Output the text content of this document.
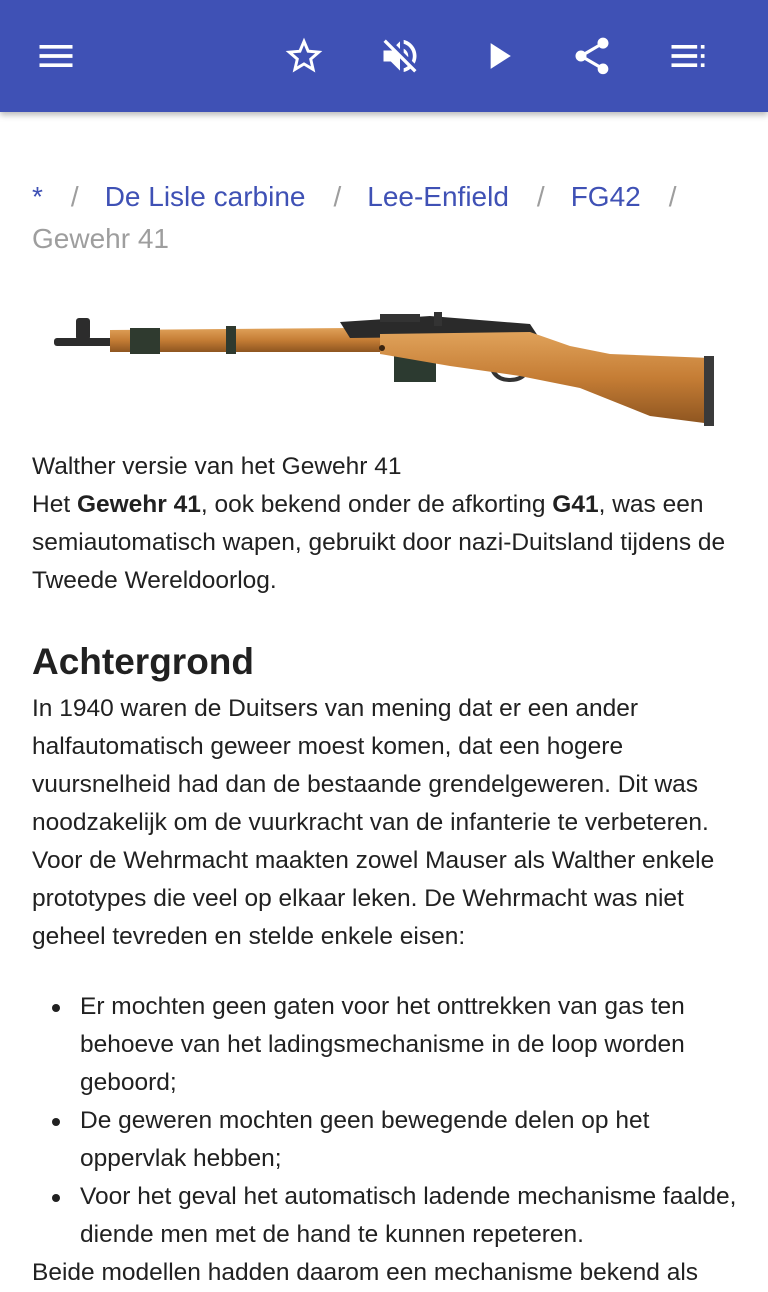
* / De Lisle carbine / Lee-Enfield / FG42 /
Gewehr 41
Walther versie van het Gewehr 41

Het Gewehr 41, ook bekend onder de afkorting G41, was een semiautomatisch wapen, gebruikt door nazi-Duitsland tijdens de Tweede Wereldoorlog.

Achtergrond

In 1940 waren de Duitsers van mening dat er een ander halfautomatisch geweer moest komen, dat een hogere vuursnelheid had dan de bestaande grendelgeweren. Dit was noodzakelijk om de vuurkracht van de infanterie te verbeteren. Voor de Wehrmacht maakten zowel Mauser als Walther enkele prototypes die veel op elkaar leken. De Wehrmacht was niet geheel tevreden en stelde enkele eisen:

Er mochten geen gaten voor het onttrekken van gas ten behoeve van het ladingsmechanisme in de loop worden geboord;
De geweren mochten geen bewegende delen op het oppervlak hebben;
Voor het geval het automatisch ladende mechanisme faalde, diende men met de hand te kunnen repeteren.
Beide modellen hadden daarom een mechanisme bekend als
